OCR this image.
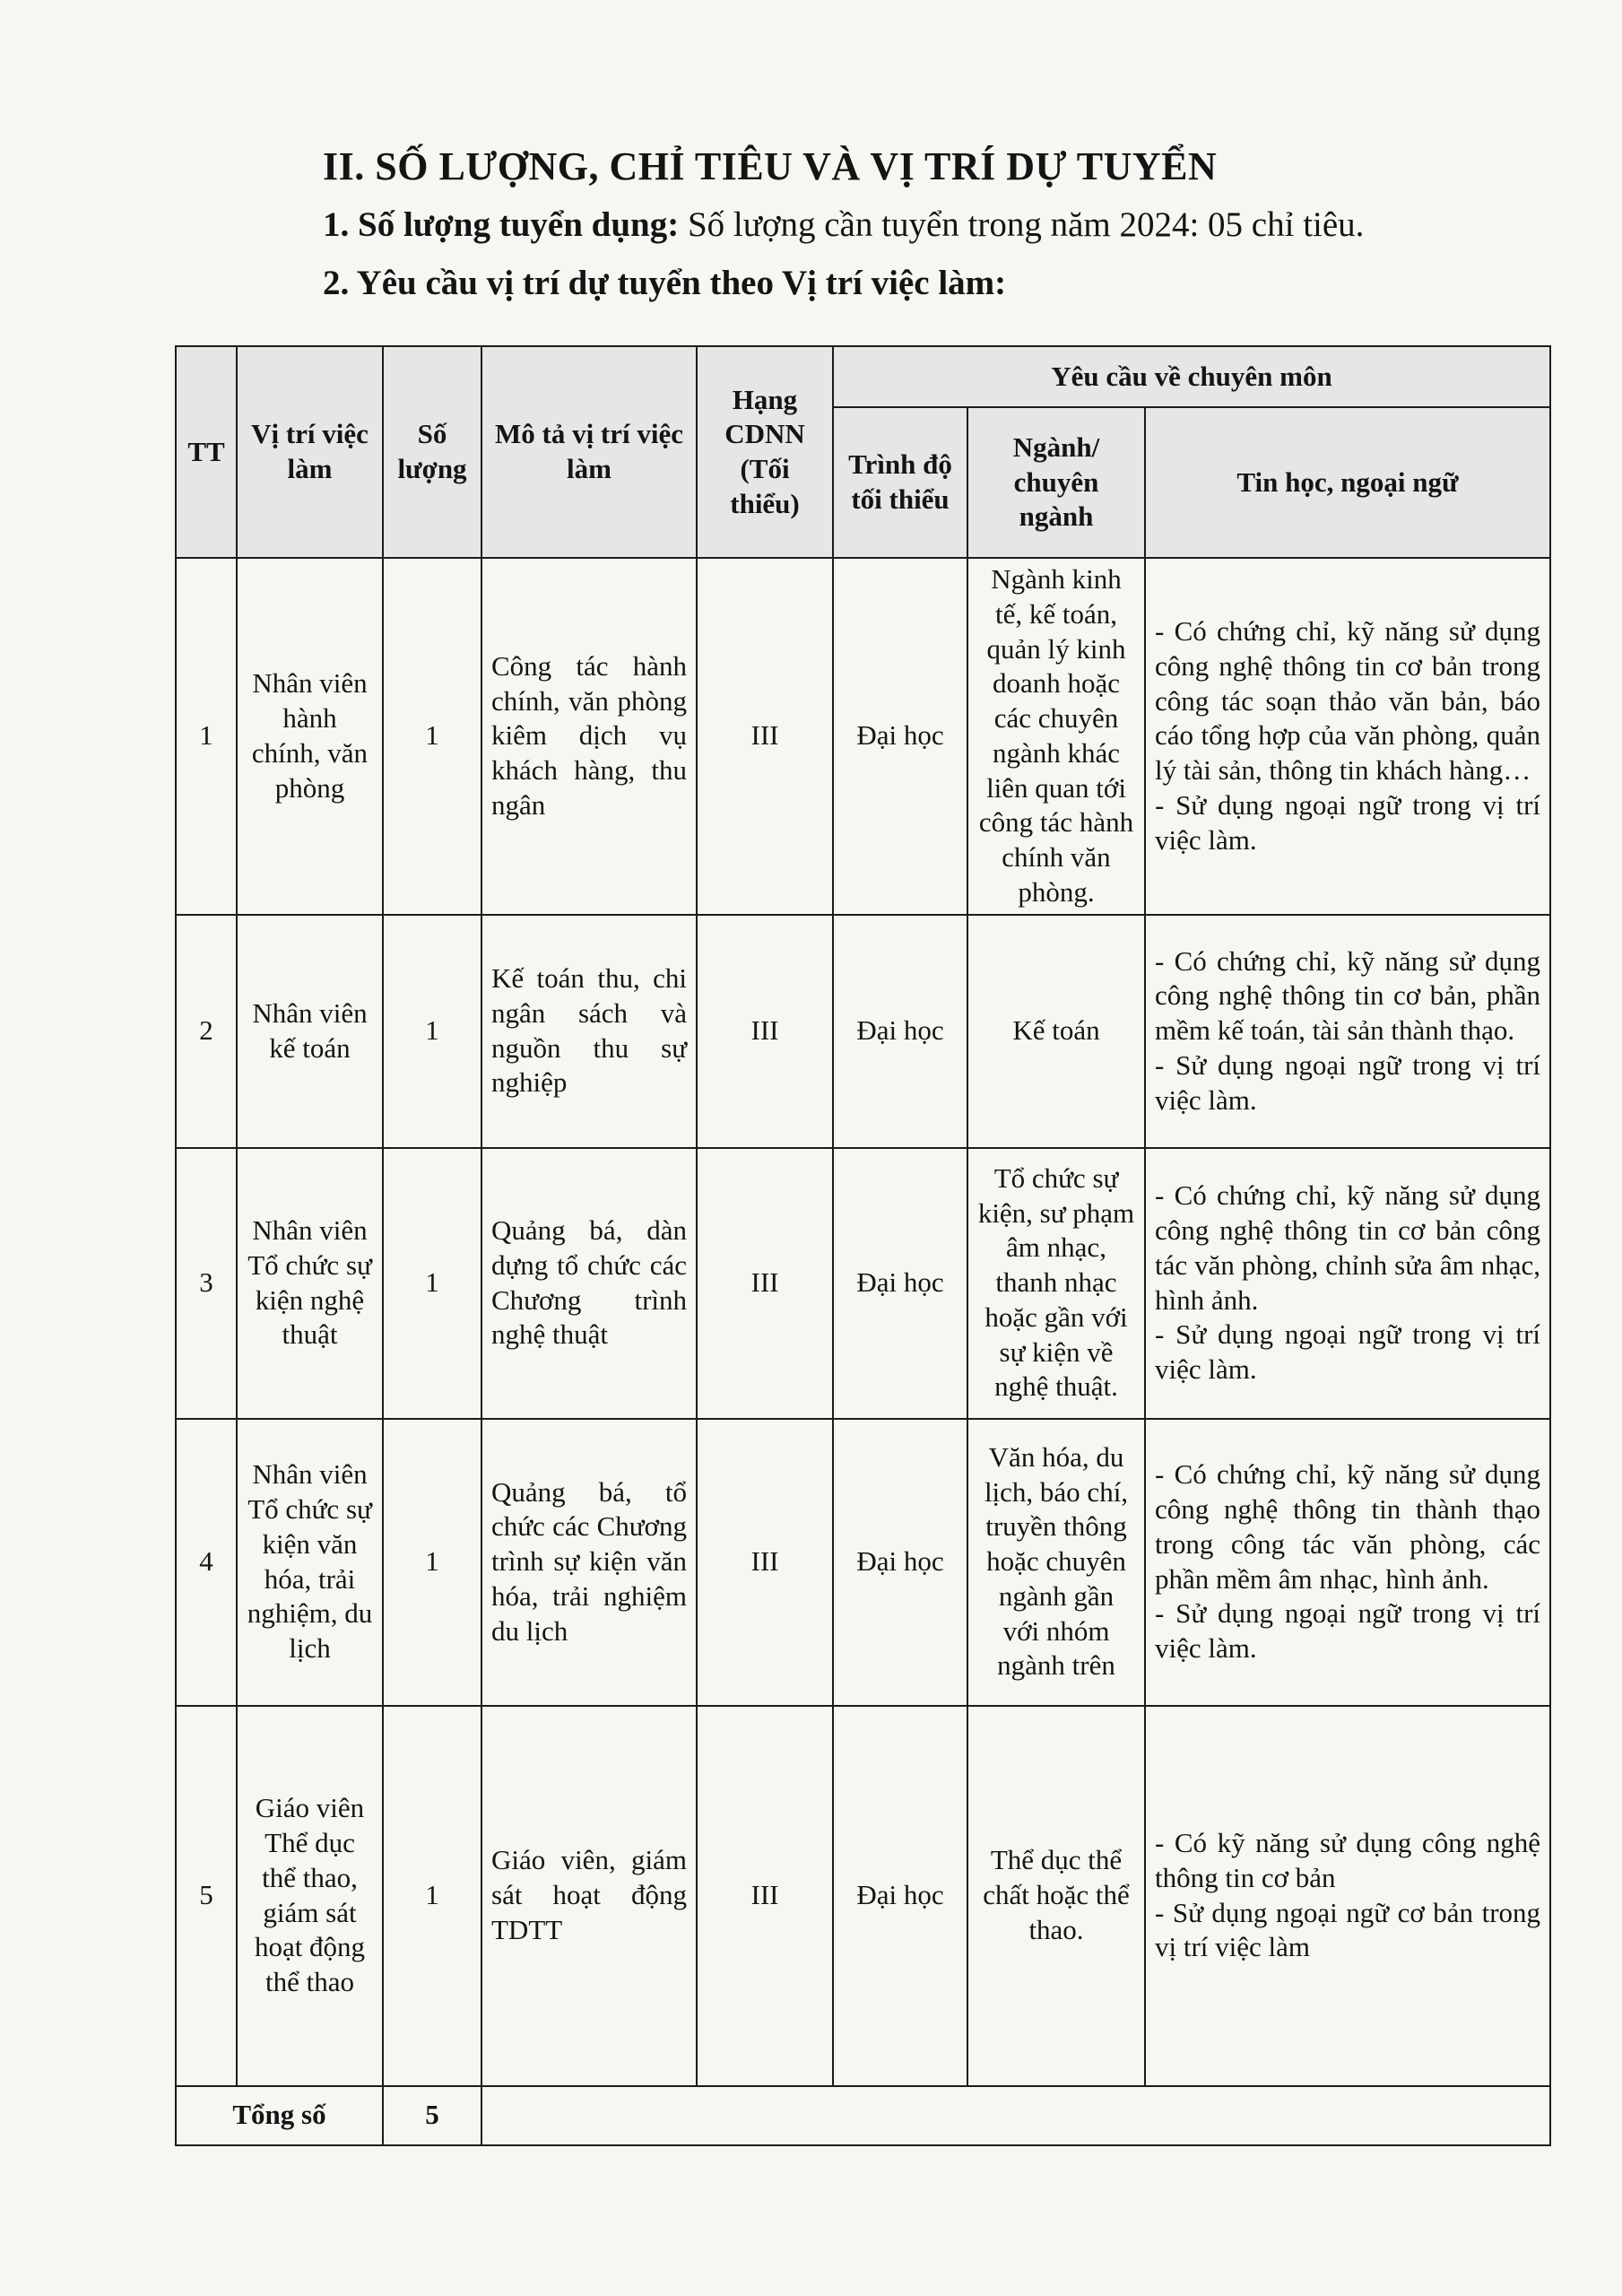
II. SỐ LƯỢNG, CHỈ TIÊU VÀ VỊ TRÍ DỰ TUYỂN
1. Số lượng tuyển dụng: Số lượng cần tuyển trong năm 2024: 05 chỉ tiêu.
2. Yêu cầu vị trí dự tuyển theo Vị trí việc làm:
TT	Vị trí việc làm	Số lượng	Mô tả vị trí việc làm	Hạng CDNN (Tối thiểu)	Yêu cầu về chuyên môn		
					Trình độ tối thiểu	Ngành/ chuyên ngành	Tin học, ngoại ngữ
1	Nhân viên hành chính, văn phòng	1	Công tác hành chính, văn phòng kiêm dịch vụ khách hàng, thu ngân	III	Đại học	Ngành kinh tế, kế toán, quản lý kinh doanh hoặc các chuyên ngành khác liên quan tới công tác hành chính văn phòng.	- Có chứng chỉ, kỹ năng sử dụng công nghệ thông tin cơ bản trong công tác soạn thảo văn bản, báo cáo tổng hợp của văn phòng, quản lý tài sản, thông tin khách hàng…
- Sử dụng ngoại ngữ trong vị trí việc làm.

2	Nhân viên kế toán	1	Kế toán thu, chi ngân sách và nguồn thu sự nghiệp	III	Đại học	Kế toán	- Có chứng chỉ, kỹ năng sử dụng công nghệ thông tin cơ bản, phần mềm kế toán, tài sản thành thạo.
- Sử dụng ngoại ngữ trong vị trí việc làm.

3	Nhân viên Tổ chức sự kiện nghệ thuật	1	Quảng bá, dàn dựng tổ chức các Chương trình nghệ thuật	III	Đại học	Tổ chức sự kiện, sư phạm âm nhạc, thanh nhạc hoặc gần với sự kiện về nghệ thuật.	- Có chứng chỉ, kỹ năng sử dụng công nghệ thông tin cơ bản công tác văn phòng, chỉnh sửa âm nhạc, hình ảnh.
- Sử dụng ngoại ngữ trong vị trí việc làm.

4	Nhân viên Tổ chức sự kiện văn hóa, trải nghiệm, du lịch	1	Quảng bá, tổ chức các Chương trình sự kiện văn hóa, trải nghiệm du lịch	III	Đại học	Văn hóa, du lịch, báo chí, truyền thông hoặc chuyên ngành gần với nhóm ngành trên	- Có chứng chỉ, kỹ năng sử dụng công nghệ thông tin thành thạo trong công tác văn phòng, các phần mềm âm nhạc, hình ảnh.
- Sử dụng ngoại ngữ trong vị trí việc làm.

5	Giáo viên Thể dục thể thao, giám sát hoạt động thể thao	1	Giáo viên, giám sát hoạt động TDTT	III	Đại học	Thể dục thể chất hoặc thể thao.	- Có kỹ năng sử dụng công nghệ thông tin cơ bản
- Sử dụng ngoại ngữ cơ bản trong vị trí việc làm

Tổng số		5					
